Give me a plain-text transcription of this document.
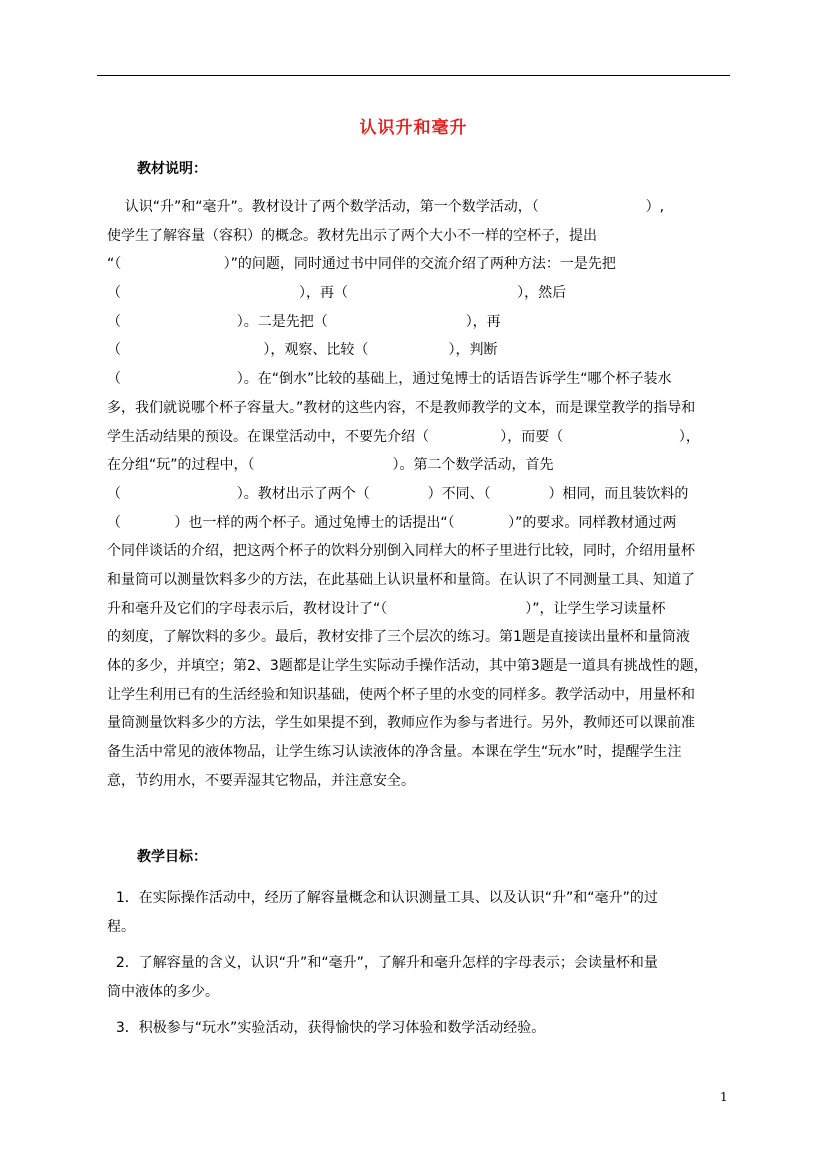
认识升和毫升
教材说明：
认识“升”和“毫升”。教材设计了两个数学活动，第一个数学活动，（	）,
使学生了解容量（容积）的概念。教材先出示了两个大小不一样的空杯子，提出
“（	）”的问题，同时通过书中同伴的交流介绍了两种方法：一是先把
（	），再（	），然后
（	）。二是先把（	），再
（	），观察、比较（	），判断
（	）。在“倒水”比较的基础上，通过兔博士的话语告诉学生“哪个杯子装水
多，我们就说哪个杯子容量大。”教材的这些内容，不是教师教学的文本，而是课堂教学的指导和
学生活动结果的预设。在课堂活动中，不要先介绍（	），而要（	），
在分组“玩”的过程中，（	）。第二个数学活动，首先
（	）。教材出示了两个（	）不同、（	）相同，而且装饮料的
（	）也一样的两个杯子。通过兔博士的话提出“（	）”的要求。同样教材通过两
个同伴谈话的介绍，把这两个杯子的饮料分别倒入同样大的杯子里进行比较，同时，介绍用量杯
和量筒可以测量饮料多少的方法，在此基础上认识量杯和量筒。在认识了不同测量工具、知道了
升和毫升及它们的字母表示后，教材设计了“（	）”，让学生学习读量杯
的刻度，了解饮料的多少。最后，教材安排了三个层次的练习。第1题是直接读出量杯和量筒液
体的多少，并填空；第2、3题都是让学生实际动手操作活动，其中第3题是一道具有挑战性的题，
让学生利用已有的生活经验和知识基础，使两个杯子里的水变的同样多。教学活动中，用量杯和
量筒测量饮料多少的方法，学生如果提不到，教师应作为参与者进行。另外，教师还可以课前准
备生活中常见的液体物品，让学生练习认读液体的净含量。本课在学生“玩水”时，提醒学生注
意，节约用水，不要弄湿其它物品，并注意安全。
教学目标：
1．在实际操作活动中，经历了解容量概念和认识测量工具、以及认识“升”和“毫升”的过
程。
2．了解容量的含义，认识“升”和“毫升”，了解升和毫升怎样的字母表示；会读量杯和量
筒中液体的多少。
3．积极参与“玩水”实验活动，获得愉快的学习体验和数学活动经验。
1
